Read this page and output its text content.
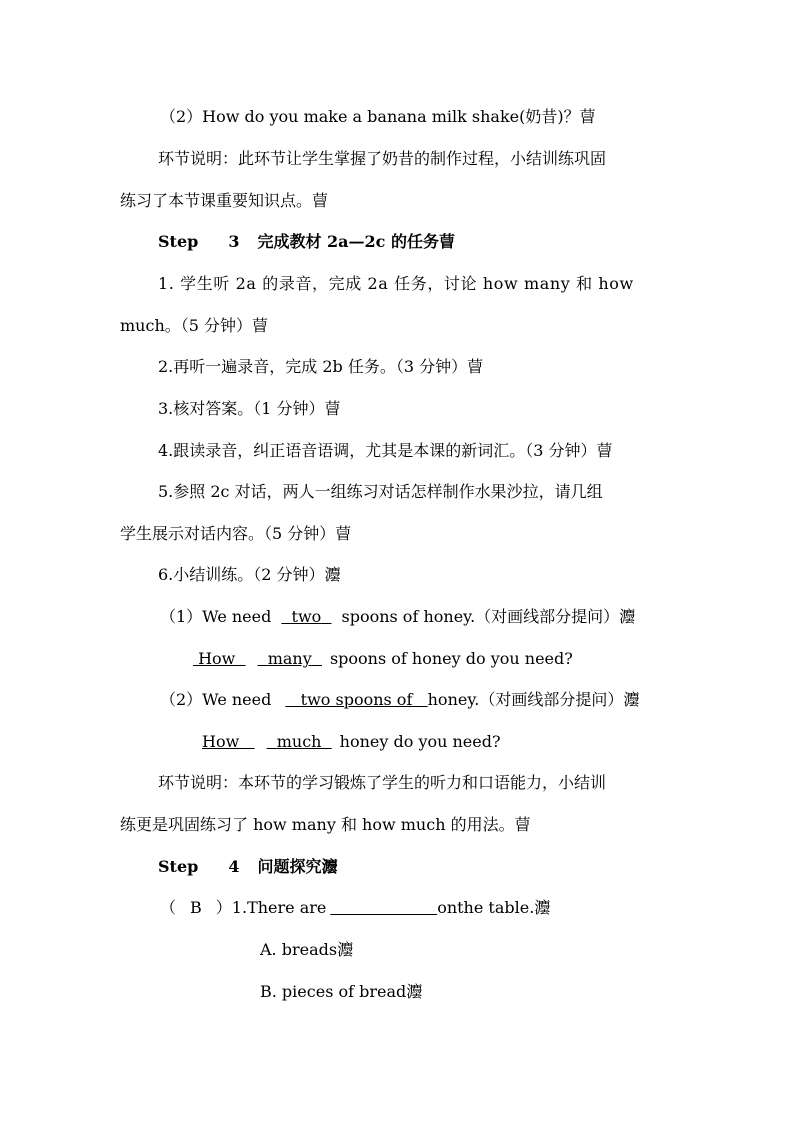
（2）How do you make a banana milk shake(奶昔)？萺
环节说明：此环节让学生掌握了奶昔的制作过程，小结训练巩固
练习了本节课重要知识点。萺
Step 3 完成教材 2a—2c 的任务萺
1. 学生听 2a 的录音，完成 2a 任务，讨论 how many 和 how
much。（5 分钟）萺
2.再听一遍录音，完成 2b 任务。（3 分钟）萺
3.核对答案。（1 分钟）萺
4.跟读录音，纠正语音语调，尤其是本课的新词汇。（3 分钟）萺
5.参照 2c 对话，两人一组练习对话怎样制作水果沙拉，请几组
学生展示对话内容。（5 分钟）萺
6.小结训练。（2 分钟）灋
（1）We need two spoons of honey.（对画线部分提问）灋
How many spoons of honey do you need?
（2）We need two spoons of honey.（对画线部分提问）灋
How much honey do you need?
环节说明：本环节的学习锻炼了学生的听力和口语能力，小结训
练更是巩固练习了 how many 和 how much 的用法。萺
Step 4 问题探究灋
（ B ）1.There are	onthe table.灋
A. breads灋
B. pieces of bread灋
